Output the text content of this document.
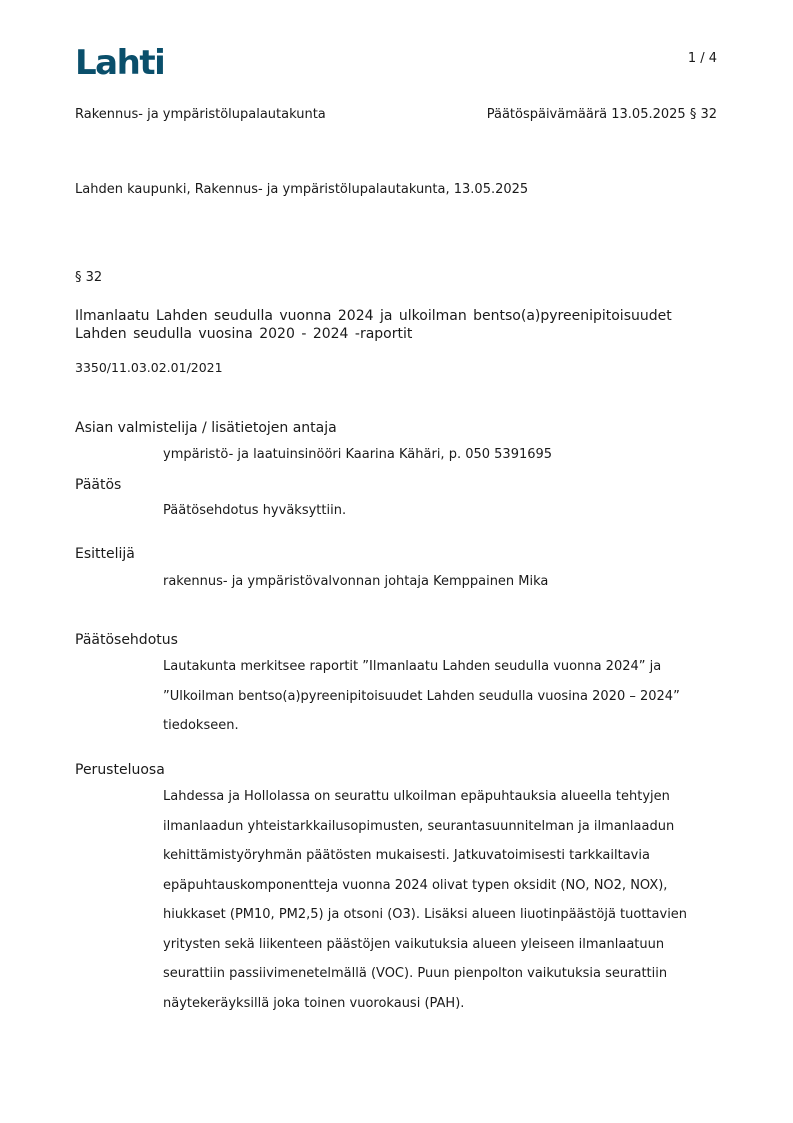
Lahti	1 / 4
Rakennus- ja ympäristölupalautakunta	Päätöspäivämäärä 13.05.2025 § 32
Lahden kaupunki, Rakennus- ja ympäristölupalautakunta, 13.05.2025
§ 32
Ilmanlaatu Lahden seudulla vuonna 2024 ja ulkoilman bentso(a)pyreenipitoisuudet
Lahden seudulla vuosina 2020 - 2024 -raportit
3350/11.03.02.01/2021
Asian valmistelija / lisätietojen antaja
ympäristö- ja laatuinsinööri Kaarina Kähäri, p. 050 5391695
Päätös
Päätösehdotus hyväksyttiin.
Esittelijä
rakennus- ja ympäristövalvonnan johtaja Kemppainen Mika
Päätösehdotus
Lautakunta merkitsee raportit ”Ilmanlaatu Lahden seudulla vuonna 2024” ja
”Ulkoilman bentso(a)pyreenipitoisuudet Lahden seudulla vuosina 2020 – 2024”
tiedokseen.
Perusteluosa
Lahdessa ja Hollolassa on seurattu ulkoilman epäpuhtauksia alueella tehtyjen
ilmanlaadun yhteistarkkailusopimusten, seurantasuunnitelman ja ilmanlaadun
kehittämistyöryhmän päätösten mukaisesti. Jatkuvatoimisesti tarkkailtavia
epäpuhtauskomponentteja vuonna 2024 olivat typen oksidit (NO, NO2, NOX),
hiukkaset (PM10, PM2,5) ja otsoni (O3). Lisäksi alueen liuotinpäästöjä tuottavien
yritysten sekä liikenteen päästöjen vaikutuksia alueen yleiseen ilmanlaatuun
seurattiin passiivimenetelmällä (VOC). Puun pienpolton vaikutuksia seurattiin
näytekeräyksillä joka toinen vuorokausi (PAH).
